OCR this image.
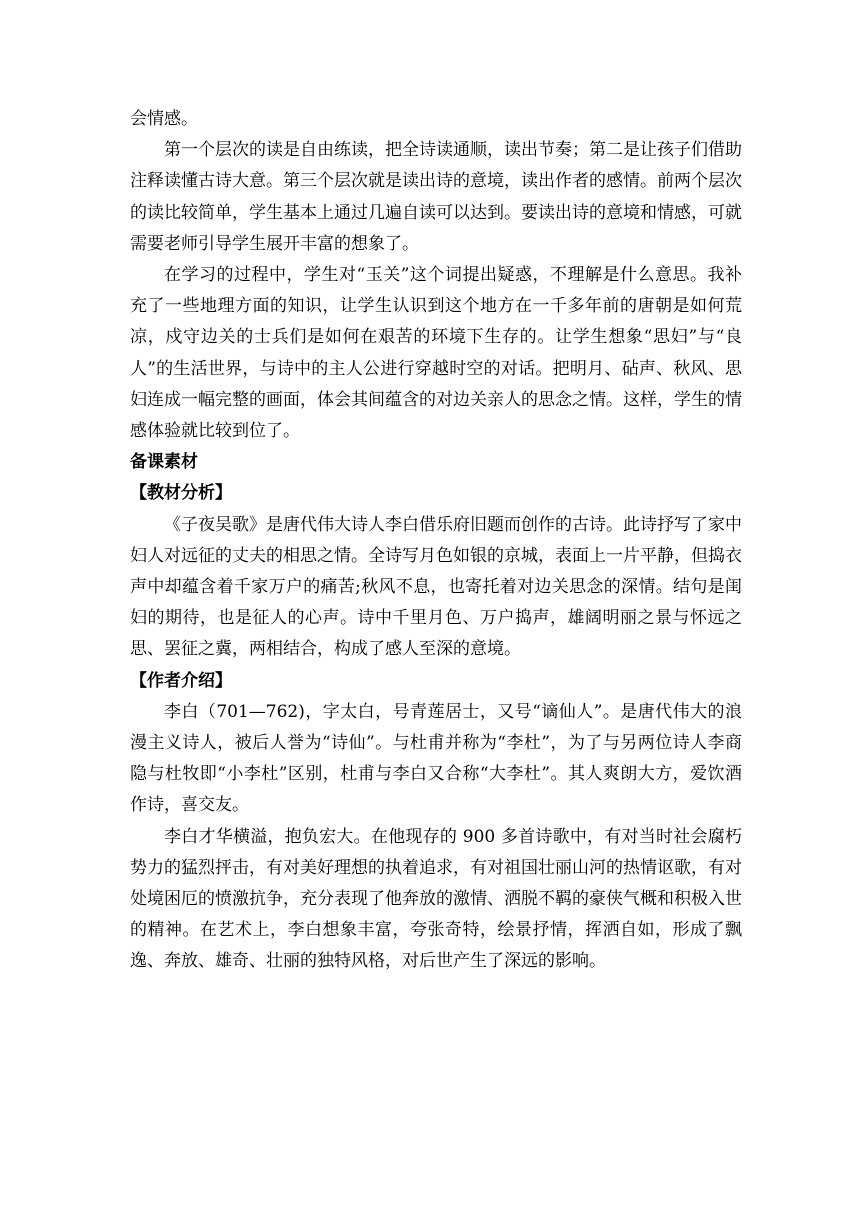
会情感。

第一个层次的读是自由练读，把全诗读通顺，读出节奏；第二是让孩子们借助注释读懂古诗大意。第三个层次就是读出诗的意境，读出作者的感情。前两个层次的读比较简单，学生基本上通过几遍自读可以达到。要读出诗的意境和情感，可就需要老师引导学生展开丰富的想象了。

在学习的过程中，学生对“玉关”这个词提出疑惑，不理解是什么意思。我补充了一些地理方面的知识，让学生认识到这个地方在一千多年前的唐朝是如何荒凉，戍守边关的士兵们是如何在艰苦的环境下生存的。让学生想象“思妇”与“良人”的生活世界，与诗中的主人公进行穿越时空的对话。把明月、砧声、秋风、思妇连成一幅完整的画面，体会其间蕴含的对边关亲人的思念之情。这样，学生的情感体验就比较到位了。

备课素材
【教材分析】

《子夜吴歌》是唐代伟大诗人李白借乐府旧题而创作的古诗。此诗抒写了家中妇人对远征的丈夫的相思之情。全诗写月色如银的京城，表面上一片平静，但捣衣声中却蕴含着千家万户的痛苦;秋风不息，也寄托着对边关思念的深情。结句是闺妇的期待，也是征人的心声。诗中千里月色、万户捣声，雄阔明丽之景与怀远之思、罢征之冀，两相结合，构成了感人至深的意境。

【作者介绍】

李白（701—762)，字太白，号青莲居士，又号“谪仙人”。是唐代伟大的浪漫主义诗人，被后人誉为“诗仙”。与杜甫并称为“李杜”，为了与另两位诗人李商隐与杜牧即“小李杜”区别，杜甫与李白又合称“大李杜”。其人爽朗大方，爱饮酒作诗，喜交友。

李白才华横溢，抱负宏大。在他现存的 900 多首诗歌中，有对当时社会腐朽势力的猛烈抨击，有对美好理想的执着追求，有对祖国壮丽山河的热情讴歌，有对处境困厄的愤激抗争，充分表现了他奔放的激情、洒脱不羁的豪侠气概和积极入世的精神。在艺术上，李白想象丰富，夸张奇特，绘景抒情，挥洒自如，形成了飘逸、奔放、雄奇、壮丽的独特风格，对后世产生了深远的影响。
